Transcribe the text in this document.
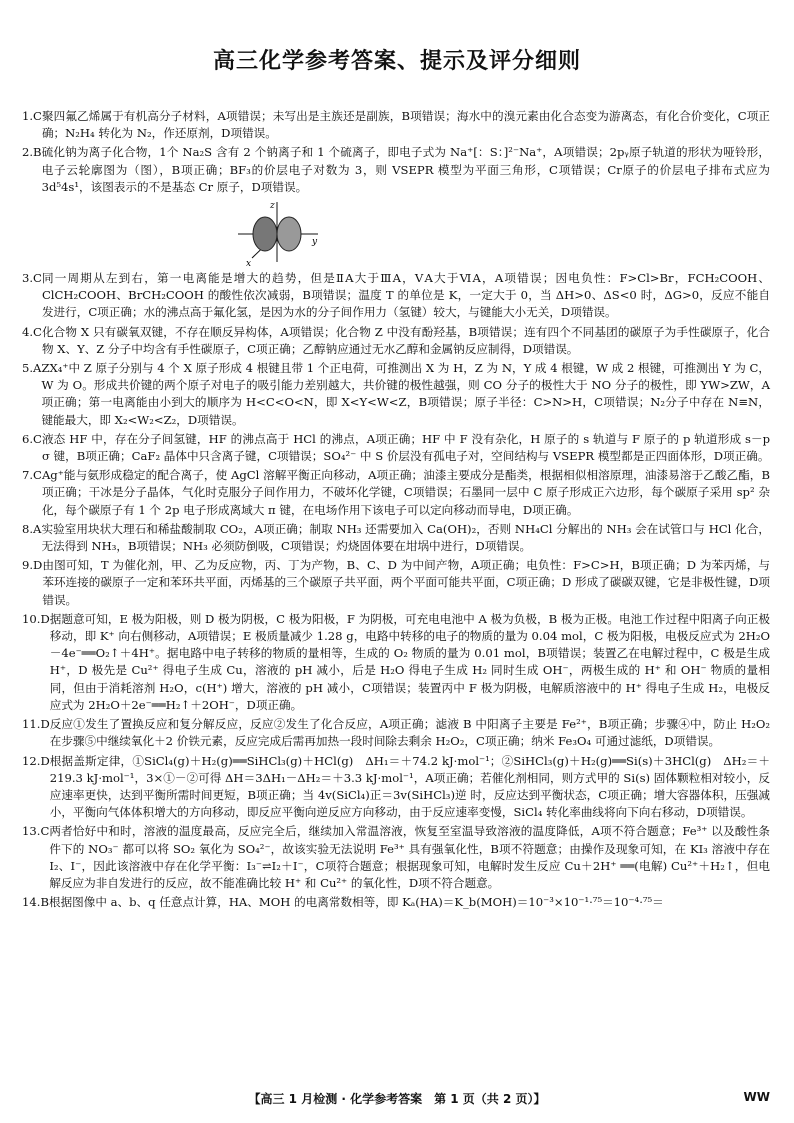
高三化学参考答案、提示及评分细则
1.C 聚四氟乙烯属于有机高分子材料，A项错误；未写出是主族还是副族，B项错误；海水中的溴元素由化合态变为游离态，有化合价变化，C项正确；N₂H₄ 转化为 N₂，作还原剂，D项错误。
2.B 硫化钠为离子化合物，1个 Na₂S 含有 2 个钠离子和 1 个硫离子，即电子式为 Na⁺[：S：]²⁻Na⁺，A项错误；2pᵧ原子轨道的形状为哑铃形，电子云轮廓图为（图），B项正确；BF₃的价层电子对数为 3，则 VSEPR 模型为平面三角形，C项错误；Cr原子的价层电子排布式应为 3d⁵4s¹，该图表示的不是基态 Cr 原子，D项错误。
z
y
x
3.C 同一周期从左到右，第一电离能是增大的趋势，但是ⅡA大于ⅢA，ⅤA大于ⅥA，A项错误；因电负性：F>Cl>Br，FCH₂COOH、ClCH₂COOH、BrCH₂COOH 的酸性依次减弱，B项错误；温度 T 的单位是 K，一定大于 0，当 ΔH>0、ΔS<0 时，ΔG>0，反应不能自发进行，C项正确；水的沸点高于氟化氢，是因为水的分子间作用力（氢键）较大，与键能大小无关，D项错误。
4.C 化合物 X 只有碳氧双键，不存在顺反异构体，A项错误；化合物 Z 中没有酚羟基，B项错误；连有四个不同基团的碳原子为手性碳原子，化合物 X、Y、Z 分子中均含有手性碳原子，C项正确；乙醇钠应通过无水乙醇和金属钠反应制得，D项错误。
5.A ZX₄⁺中 Z 原子分别与 4 个 X 原子形成 4 根键且带 1 个正电荷，可推测出 X 为 H，Z 为 N，Y 成 4 根键，W 成 2 根键，可推测出 Y 为 C，W 为 O。形成共价键的两个原子对电子的吸引能力差别越大，共价键的极性越强，则 CO 分子的极性大于 NO 分子的极性，即 YW>ZW，A项正确；第一电离能由小到大的顺序为 H<C<O<N，即 X<Y<W<Z，B项错误；原子半径：C>N>H，C项错误；N₂分子中存在 N≡N，键能最大，即 X₂<W₂<Z₂，D项错误。
6.C 液态 HF 中，存在分子间氢键，HF 的沸点高于 HCl 的沸点，A项正确；HF 中 F 没有杂化，H 原子的 s 轨道与 F 原子的 p 轨道形成 s－p σ 键，B项正确；CaF₂ 晶体中只含离子键，C项错误；SO₄²⁻ 中 S 价层没有孤电子对，空间结构与 VSEPR 模型都是正四面体形，D项正确。
7.C Ag⁺能与氨形成稳定的配合离子，使 AgCl 溶解平衡正向移动，A项正确；油漆主要成分是酯类，根据相似相溶原理，油漆易溶于乙酸乙酯，B项正确；干冰是分子晶体，气化时克服分子间作用力，不破坏化学键，C项错误；石墨同一层中 C 原子形成正六边形，每个碳原子采用 sp² 杂化，每个碳原子有 1 个 2p 电子形成离域大 π 键，在电场作用下该电子可以定向移动而导电，D项正确。
8.A 实验室用块状大理石和稀盐酸制取 CO₂，A项正确；制取 NH₃ 还需要加入 Ca(OH)₂，否则 NH₄Cl 分解出的 NH₃ 会在试管口与 HCl 化合，无法得到 NH₃，B项错误；NH₃ 必须防倒吸，C项错误；灼烧固体要在坩埚中进行，D项错误。
9.D 由图可知，T 为催化剂，甲、乙为反应物，丙、丁为产物，B、C、D 为中间产物，A项正确；电负性：F>C>H，B项正确；D 为苯丙烯，与苯环连接的碳原子一定和苯环共平面，丙烯基的三个碳原子共平面，两个平面可能共平面，C项正确；D 形成了碳碳双键，它是非极性键，D项错误。
10.D 据题意可知，E 极为阳极，则 D 极为阴极，C 极为阳极，F 为阴极，可充电电池中 A 极为负极，B 极为正极。电池工作过程中阳离子向正极移动，即 K⁺ 向右侧移动，A项错误；E 极质量减少 1.28 g，电路中转移的电子的物质的量为 0.04 mol，C 极为阳极，电极反应式为 2H₂O－4e⁻══O₂↑＋4H⁺。据电路中电子转移的物质的量相等，生成的 O₂ 物质的量为 0.01 mol，B项错误；装置乙在电解过程中，C 极是生成 H⁺，D 极先是 Cu²⁺ 得电子生成 Cu，溶液的 pH 减小，后是 H₂O 得电子生成 H₂ 同时生成 OH⁻，两极生成的 H⁺ 和 OH⁻ 物质的量相同，但由于消耗溶剂 H₂O，c(H⁺) 增大，溶液的 pH 减小，C项错误；装置丙中 F 极为阴极，电解质溶液中的 H⁺ 得电子生成 H₂，电极反应式为 2H₂O＋2e⁻══H₂↑＋2OH⁻，D项正确。
11.D 反应①发生了置换反应和复分解反应，反应②发生了化合反应，A项正确；滤液 B 中阳离子主要是 Fe²⁺，B项正确；步骤④中，防止 H₂O₂ 在步骤⑤中继续氧化＋2 价铁元素，反应完成后需再加热一段时间除去剩余 H₂O₂，C项正确；纳米 Fe₃O₄ 可通过滤纸，D项错误。
12.D 根据盖斯定律，①SiCl₄(g)＋H₂(g)══SiHCl₃(g)＋HCl(g)　ΔH₁＝＋74.2 kJ·mol⁻¹；②SiHCl₃(g)＋H₂(g)══Si(s)＋3HCl(g)　ΔH₂＝＋219.3 kJ·mol⁻¹，3×①－②可得 ΔH＝3ΔH₁－ΔH₂＝＋3.3 kJ·mol⁻¹，A项正确；若催化剂相同，则方式甲的 Si(s) 固体颗粒相对较小，反应速率更快，达到平衡所需时间更短，B项正确；当 4v(SiCl₄)正＝3v(SiHCl₃)逆 时，反应达到平衡状态，C项正确；增大容器体积，压强减小，平衡向气体体积增大的方向移动，即反应平衡向逆反应方向移动，由于反应速率变慢，SiCl₄ 转化率曲线将向下向右移动，D项错误。
13.C 两者恰好中和时，溶液的温度最高，反应完全后，继续加入常温溶液，恢复至室温导致溶液的温度降低，A项不符合题意；Fe³⁺ 以及酸性条件下的 NO₃⁻ 都可以将 SO₂ 氧化为 SO₄²⁻，故该实验无法说明 Fe³⁺ 具有强氧化性，B项不符题意；由操作及现象可知，在 KI₃ 溶液中存在 I₂、I⁻，因此该溶液中存在化学平衡：I₃⁻⇌I₂＋I⁻，C项符合题意；根据现象可知，电解时发生反应 Cu＋2H⁺ ══(电解) Cu²⁺＋H₂↑，但电解反应为非自发进行的反应，故不能准确比较 H⁺ 和 Cu²⁺ 的氧化性，D项不符合题意。
14.B 根据图像中 a、b、q 任意点计算，HA、MOH 的电离常数相等，即 Kₐ(HA)＝K_b(MOH)＝10⁻³×10⁻¹·⁷⁵＝10⁻⁴·⁷⁵＝
【高三 1 月检测 · 化学参考答案　第 1 页（共 2 页）】	WW
